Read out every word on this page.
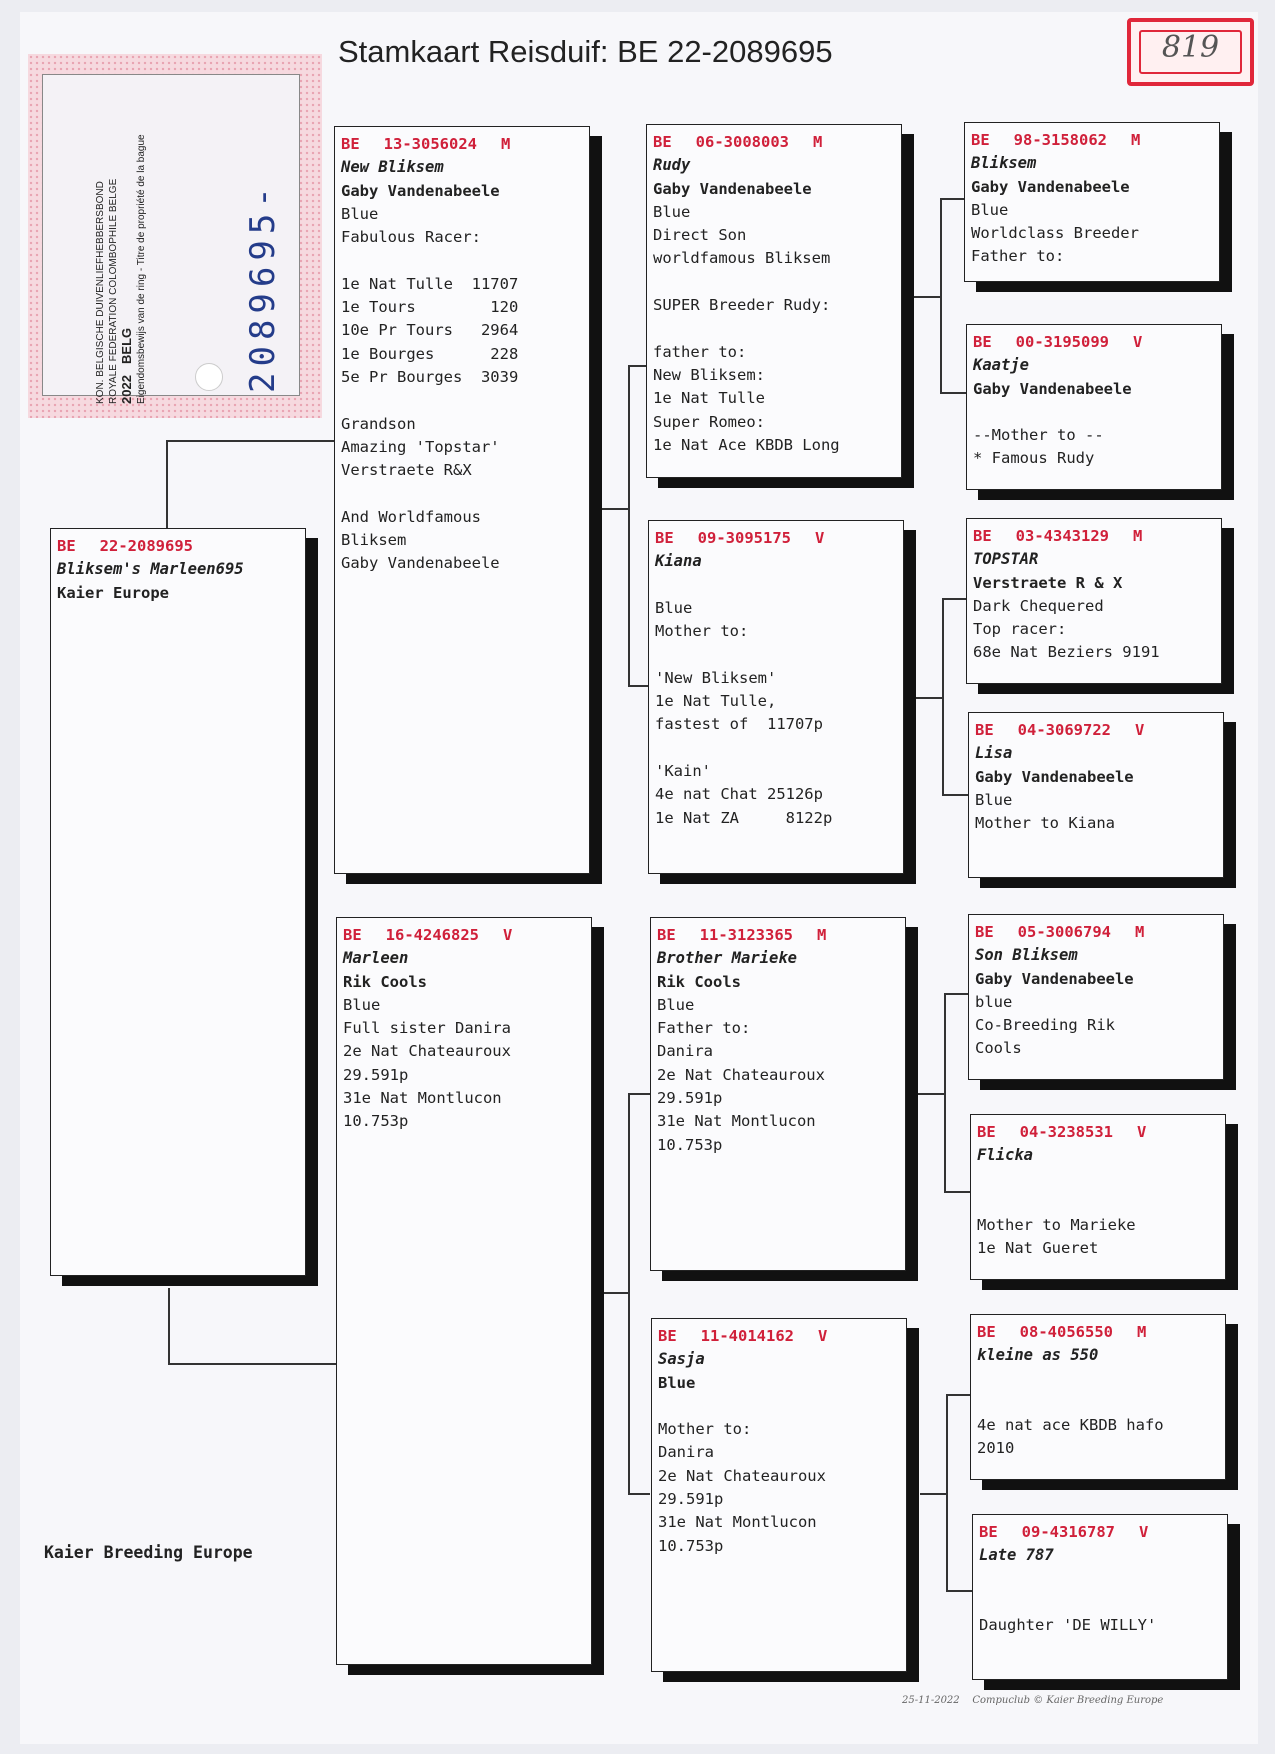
Stamkaart Reisduif: BE 22-2089695	819
KON. BELGISCHE DUIVENLIEFHEBBERSBOND ROYALE FEDERATION COLOMBOPHILE BELGE 2022    BELG Eigendomsbewijs van de ring - Titre de propriété de la bague	2089695-
BE 22-2089695
Bliksem's Marleen695
Kaier Europe
BE 13-3056024 M
New Bliksem
Gaby Vandenabeele
Blue
Fabulous Racer:
1e Nat Tulle  11707
1e Tours        120
10e Pr Tours   2964
1e Bourges      228
5e Pr Bourges  3039
Grandson
Amazing 'Topstar'
Verstraete R&X
And Worldfamous
Bliksem
Gaby Vandenabeele
BE 16-4246825 V
Marleen
Rik Cools
Blue
Full sister Danira
2e Nat Chateauroux
29.591p
31e Nat Montlucon
10.753p
BE 06-3008003 M
Rudy
Gaby Vandenabeele
Blue
Direct Son
worldfamous Bliksem
SUPER Breeder Rudy:
father to:
New Bliksem:
1e Nat Tulle
Super Romeo:
1e Nat Ace KBDB Long
BE 09-3095175 V
Kiana
Blue
Mother to:
'New Bliksem'
1e Nat Tulle,
fastest of  11707p
'Kain'
4e nat Chat 25126p
1e Nat ZA     8122p
BE 11-3123365 M
Brother Marieke
Rik Cools
Blue
Father to:
Danira
2e Nat Chateauroux
29.591p
31e Nat Montlucon
10.753p
BE 11-4014162 V
Sasja
Blue
Mother to:
Danira
2e Nat Chateauroux
29.591p
31e Nat Montlucon
10.753p
BE 98-3158062 M
Bliksem
Gaby Vandenabeele
Blue
Worldclass Breeder
Father to:
BE 00-3195099 V
Kaatje
Gaby Vandenabeele
--Mother to --
* Famous Rudy
BE 03-4343129 M
TOPSTAR
Verstraete R & X
Dark Chequered
Top racer:
68e Nat Beziers 9191
BE 04-3069722 V
Lisa
Gaby Vandenabeele
Blue
Mother to Kiana
BE 05-3006794 M
Son Bliksem
Gaby Vandenabeele
blue
Co-Breeding Rik
Cools
BE 04-3238531 V
Flicka
Mother to Marieke
1e Nat Gueret
BE 08-4056550 M
kleine as 550
4e nat ace KBDB hafo
2010
BE 09-4316787 V
Late 787
Daughter 'DE WILLY'
Kaier Breeding Europe
25-11-2022 Compuclub © Kaier Breeding Europe
